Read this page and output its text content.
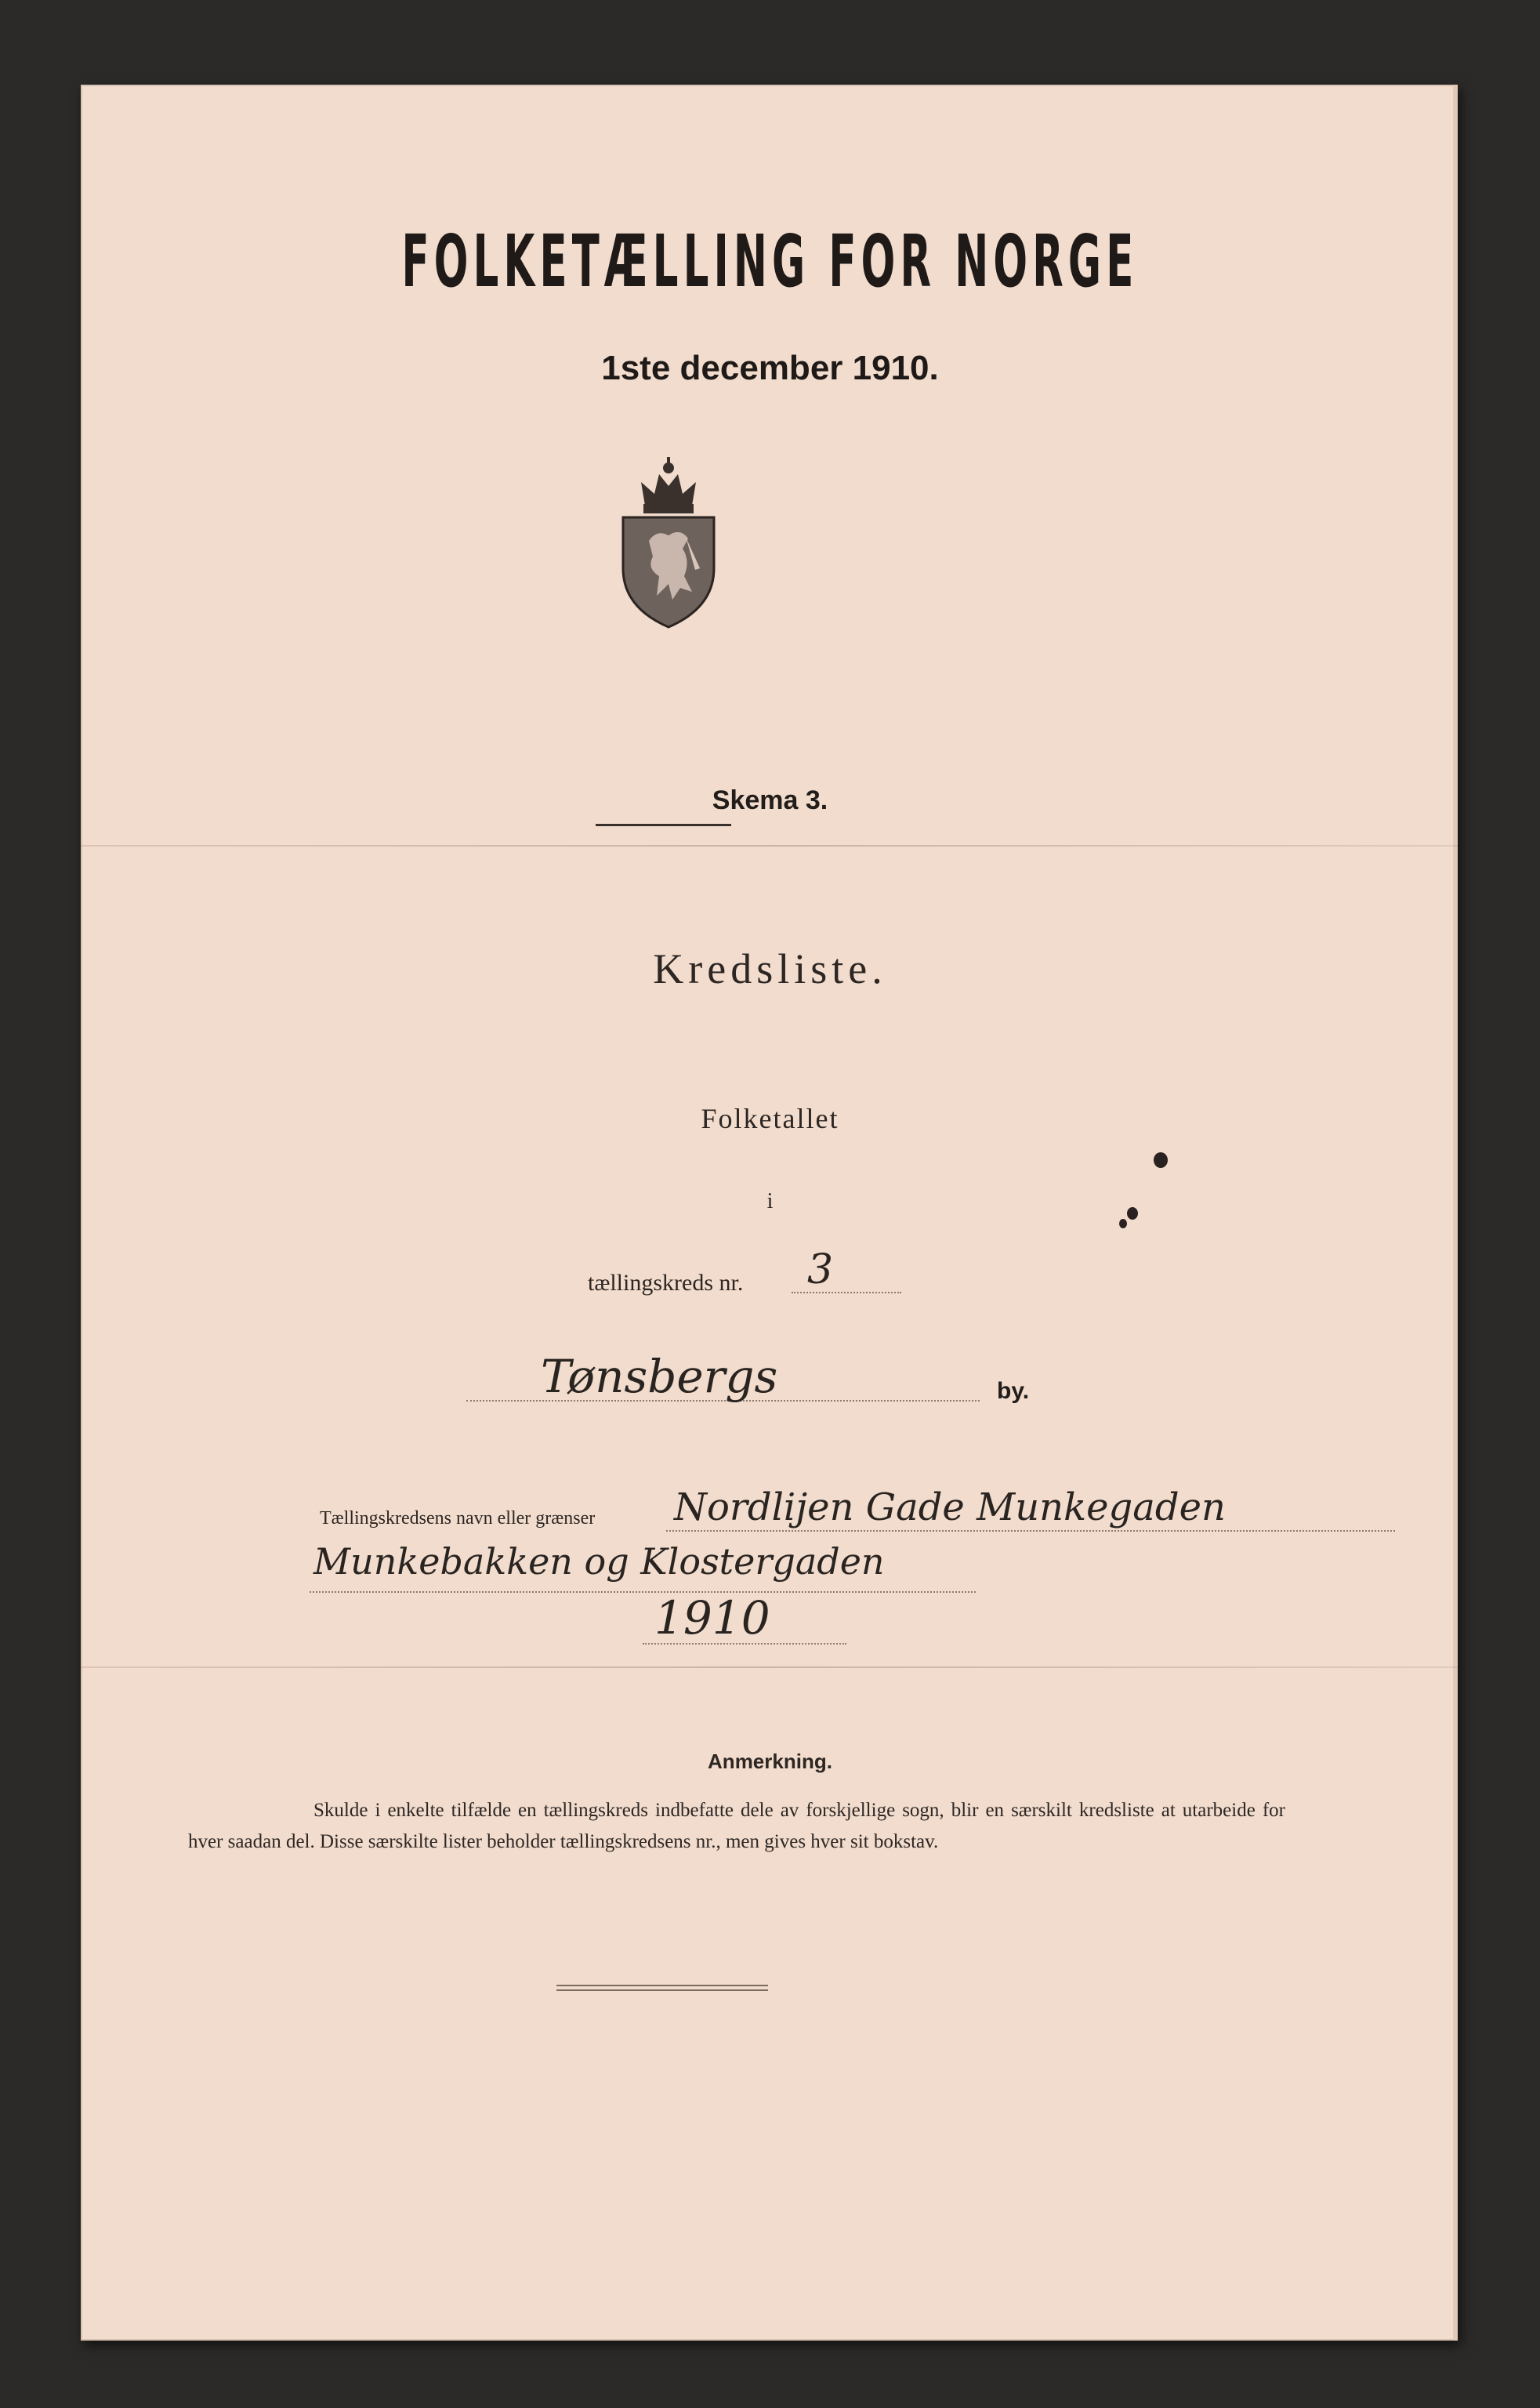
FOLKETÆLLING FOR NORGE
1ste december 1910.
Skema 3.
Kredsliste.
Folketallet
i
tællingskreds nr. 3
Tønsbergs	by.
Tællingskredsens navn eller grænser Nordlijen Gade Munkegaden
Munkebakken og Klostergaden
1910
Anmerkning.
Skulde i enkelte tilfælde en tællingskreds indbefatte dele av forskjellige sogn, blir en særskilt kredsliste at utarbeide for hver saadan del. Disse særskilte lister beholder tællingskredsens nr., men gives hver sit bokstav.
